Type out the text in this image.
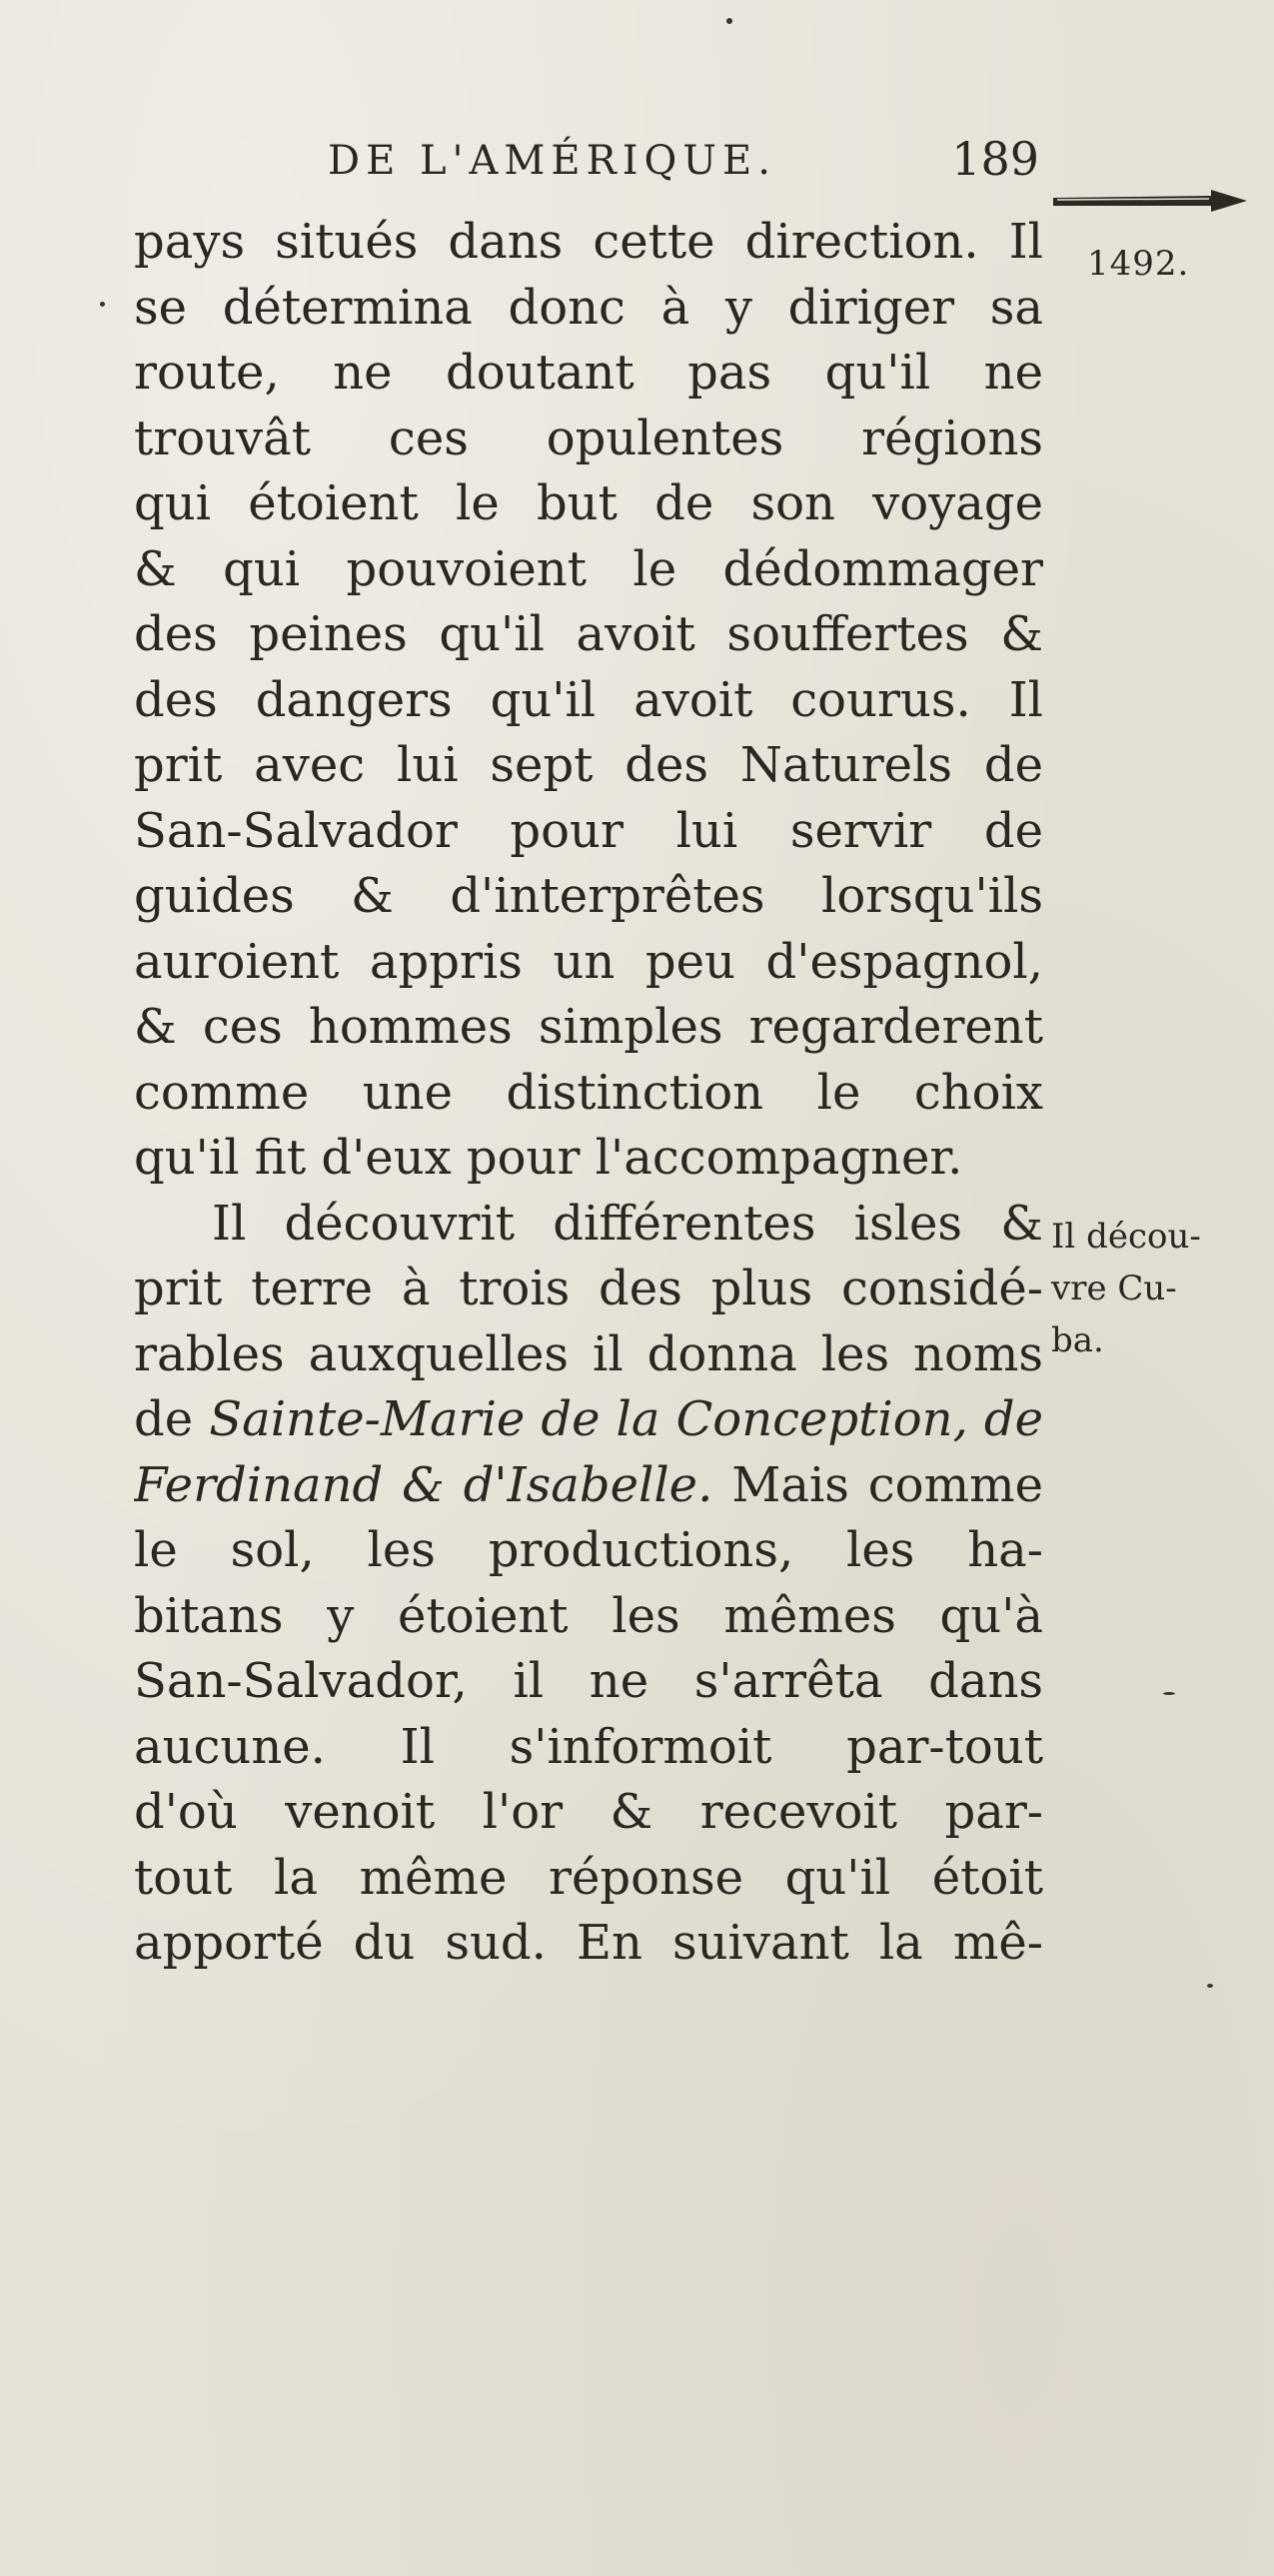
DE L'AMÉRIQUE.	189
1492.
pays situés dans cette direction. Il
se détermina donc à y diriger sa
route, ne doutant pas qu'il ne
trouvât ces opulentes régions
qui étoient le but de son voyage
& qui pouvoient le dédommager
des peines qu'il avoit souffertes &
des dangers qu'il avoit courus. Il
prit avec lui sept des Naturels de
San-Salvador pour lui servir de
guides & d'interprêtes lorsqu'ils
auroient appris un peu d'espagnol,
& ces hommes simples regarderent
comme une distinction le choix
qu'il fit d'eux pour l'accompagner.
Il découvrit différentes isles &
prit terre à trois des plus considé-
rables auxquelles il donna les noms
de Sainte-Marie de la Conception, de
Ferdinand & d'Isabelle. Mais comme
le sol, les productions, les ha-
bitans y étoient les mêmes qu'à
San-Salvador, il ne s'arrêta dans
aucune. Il s'informoit par-tout
d'où venoit l'or & recevoit par-
tout la même réponse qu'il étoit
apporté du sud. En suivant la mê-
Il décou-
vre Cu-
ba.
